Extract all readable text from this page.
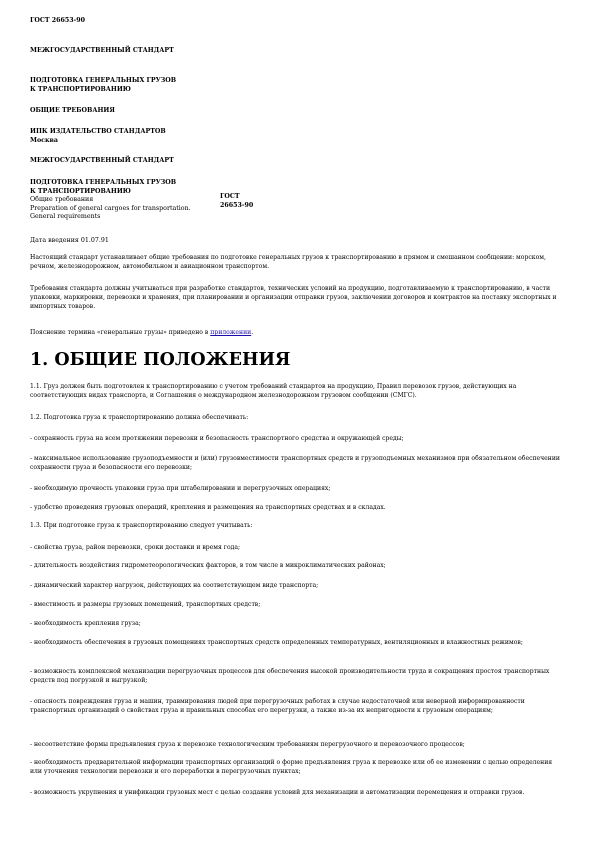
ГОСТ 26653-90
МЕЖГОСУДАРСТВЕННЫЙ СТАНДАРТ
ПОДГОТОВКА ГЕНЕРАЛЬНЫХ ГРУЗОВ
К ТРАНСПОРТИРОВАНИЮ
ОБЩИЕ ТРЕБОВАНИЯ
ИПК ИЗДАТЕЛЬСТВО СТАНДАРТОВ
Москва
МЕЖГОСУДАРСТВЕННЫЙ СТАНДАРТ
ПОДГОТОВКА ГЕНЕРАЛЬНЫХ ГРУЗОВ
К ТРАНСПОРТИРОВАНИЮ
Общие требования
Preparation of general cargoes for transportation.
General requirements
ГОСТ
26653-90
Дата введения 01.07.91
Настоящий стандарт устанавливает общие требования по подготовке генеральных грузов к транспортированию в прямом и смешанном сообщении: морском, речном, железнодорожном, автомобильном и авиационном транспортом.
Требования стандарта должны учитываться при разработке стандартов, технических условий на продукцию, подготавливаемую к транспортированию, в части упаковки, маркировки, перевозки и хранения, при планировании и организации отправки грузов, заключении договоров и контрактов на поставку экспортных и импортных товаров.
Пояснение термина «генеральные грузы» приведено в приложении.
1. ОБЩИЕ ПОЛОЖЕНИЯ
1.1. Груз должен быть подготовлен к транспортированию с учетом требований стандартов на продукцию, Правил перевозок грузов, действующих на соответствующих видах транспорта, и Соглашения о международном железнодорожном грузовом сообщении (СМГС).
1.2. Подготовка груза к транспортированию должна обеспечивать:
- сохранность груза на всем протяжении перевозки и безопасность транспортного средства и окружающей среды;
- максимальное использование грузоподъемности и (или) грузовместимости транспортных средств и грузоподъемных механизмов при обязательном обеспечении сохранности груза и безопасности его перевозки;
- необходимую прочность упаковки груза при штабелировании и перегрузочных операциях;
- удобство проведения грузовых операций, крепления и размещения на транспортных средствах и в складах.
1.3. При подготовке груза к транспортированию следует учитывать:
- свойства груза, район перевозки, сроки доставки и время года;
- длительность воздействия гидрометеорологических факторов, в том числе в микроклиматических районах;
- динамический характер нагрузок, действующих на соответствующем виде транспорта;
- вместимость и размеры грузовых помещений, транспортных средств;
- необходимость крепления груза;
- необходимость обеспечения в грузовых помещениях транспортных средств определенных температурных, вентиляционных и влажностных режимов;
- возможность комплексной механизации перегрузочных процессов для обеспечения высокой производительности труда и сокращения простоя транспортных средств под погрузкой и выгрузкой;
- опасность повреждения груза и машин, травмирования людей при перегрузочных работах в случае недостаточной или неверной информированности транспортных организаций о свойствах груза и правильных способах его перегрузки, а также из-за их непригодности к грузовым операциям;
- несоответствие формы предъявления груза к перевозке технологическим требованиям перегрузочного и перевозочного процессов;
- необходимость предварительной информации транспортных организаций о форме предъявления груза к перевозке или об ее изменении с целью определения или уточнения технологии перевозки и его переработки в перегрузочных пунктах;
- возможность укрупнения и унификации грузовых мест с целью создания условий для механизации и автоматизации перемещения и отправки грузов.
